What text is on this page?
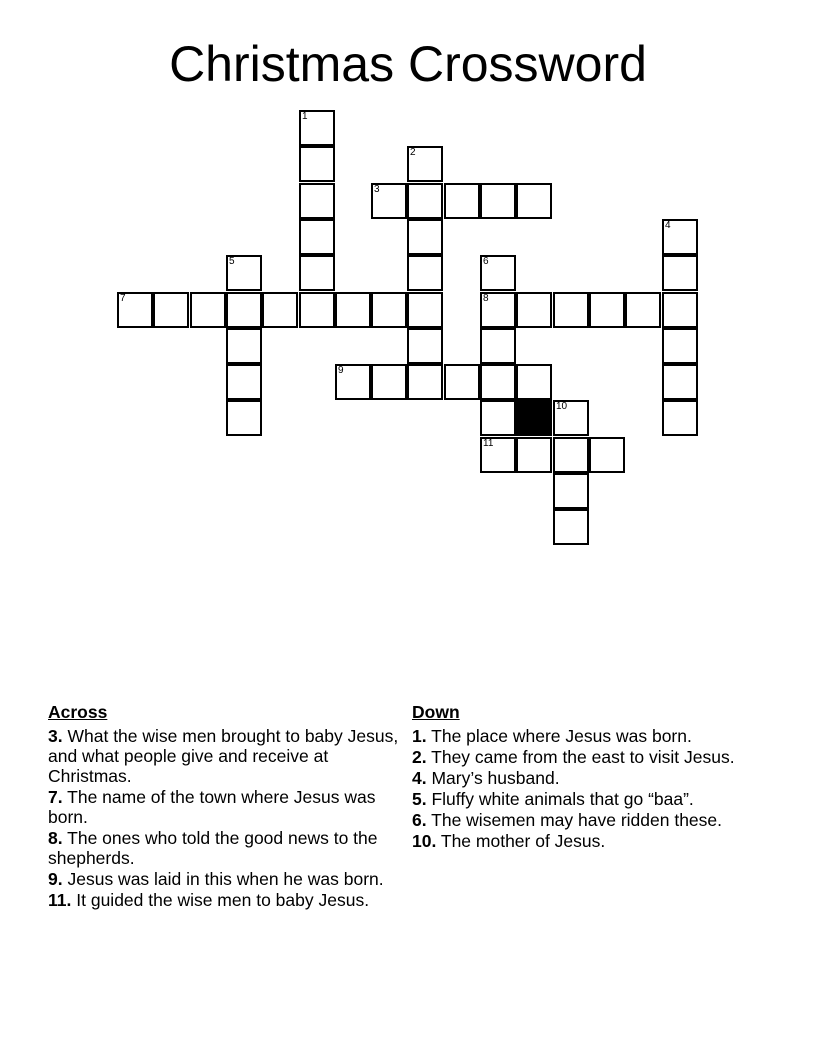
Christmas Crossword
1
2
3
4
5	6
7	8
9
10
11
Across
3. What the wise men brought to baby Jesus, and what people give and receive at Christmas.
7. The name of the town where Jesus was born.
8. The ones who told the good news to the shepherds.
9. Jesus was laid in this when he was born.
11. It guided the wise men to baby Jesus.
Down
1. The place where Jesus was born.
2. They came from the east to visit Jesus.
4. Mary’s husband.
5. Fluffy white animals that go “baa”.
6. The wisemen may have ridden these.
10. The mother of Jesus.
